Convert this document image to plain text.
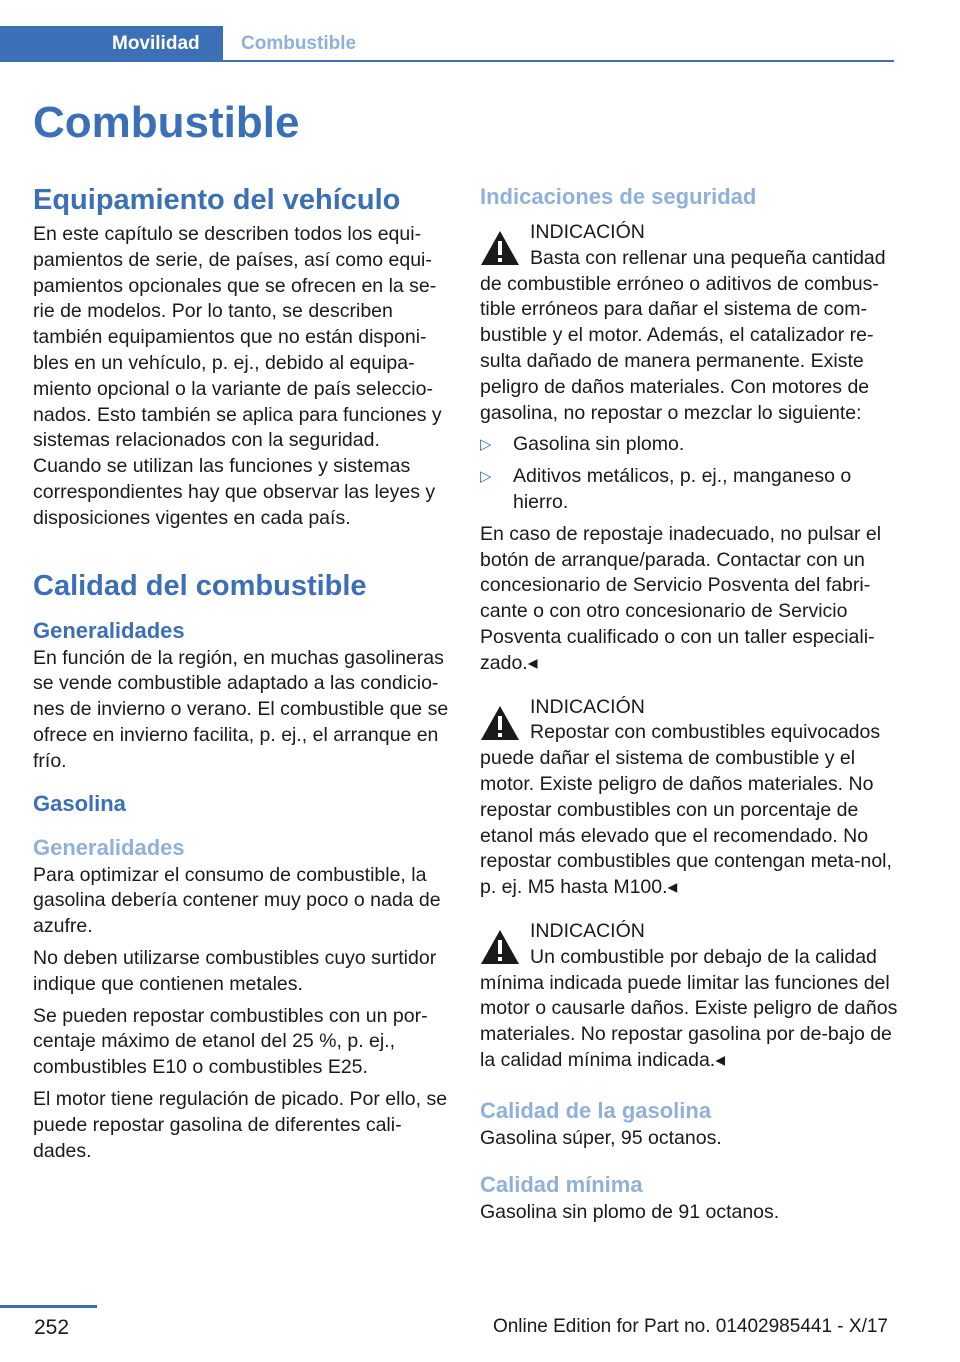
Movilidad	Combustible
Combustible
Equipamiento del vehículo

En este capítulo se describen todos los equi-pamientos de serie, de países, así como equi-pamientos opcionales que se ofrecen en la se-rie de modelos. Por lo tanto, se describen también equipamientos que no están disponi-bles en un vehículo, p. ej., debido al equipa-miento opcional o la variante de país seleccio-nados. Esto también se aplica para funciones y sistemas relacionados con la seguridad.

Cuando se utilizan las funciones y sistemas correspondientes hay que observar las leyes y disposiciones vigentes en cada país.

Calidad del combustible
Generalidades

En función de la región, en muchas gasolineras se vende combustible adaptado a las condicio-nes de invierno o verano. El combustible que se ofrece en invierno facilita, p. ej., el arranque en frío.

Gasolina
Generalidades

Para optimizar el consumo de combustible, la gasolina debería contener muy poco o nada de azufre.

No deben utilizarse combustibles cuyo surtidor indique que contienen metales.

Se pueden repostar combustibles con un por-centaje máximo de etanol del 25 %, p. ej., combustibles E10 o combustibles E25.

El motor tiene regulación de picado. Por ello, se puede repostar gasolina de diferentes cali-dades.

Indicaciones de seguridad
INDICACIÓN

Basta con rellenar una pequeña cantidad de combustible erróneo o aditivos de combus-tible erróneos para dañar el sistema de com-bustible y el motor. Además, el catalizador re-sulta dañado de manera permanente. Existe peligro de daños materiales. Con motores de gasolina, no repostar o mezclar lo siguiente:

▷ Gasolina sin plomo.
▷ Aditivos metálicos, p. ej., manganeso o hierro.

En caso de repostaje inadecuado, no pulsar el botón de arranque/parada. Contactar con un concesionario de Servicio Posventa del fabri-cante o con otro concesionario de Servicio Posventa cualificado o con un taller especiali-zado.◂

INDICACIÓN

Repostar con combustibles equivocados puede dañar el sistema de combustible y el motor. Existe peligro de daños materiales. No repostar combustibles con un porcentaje de etanol más elevado que el recomendado. No repostar combustibles que contengan meta-nol, p. ej. M5 hasta M100.◂

INDICACIÓN

Un combustible por debajo de la calidad mínima indicada puede limitar las funciones del motor o causarle daños. Existe peligro de daños materiales. No repostar gasolina por de-bajo de la calidad mínima indicada.◂

Calidad de la gasolina

Gasolina súper, 95 octanos.

Calidad mínima

Gasolina sin plomo de 91 octanos.

252	Online Edition for Part no. 01402985441 - X/17
